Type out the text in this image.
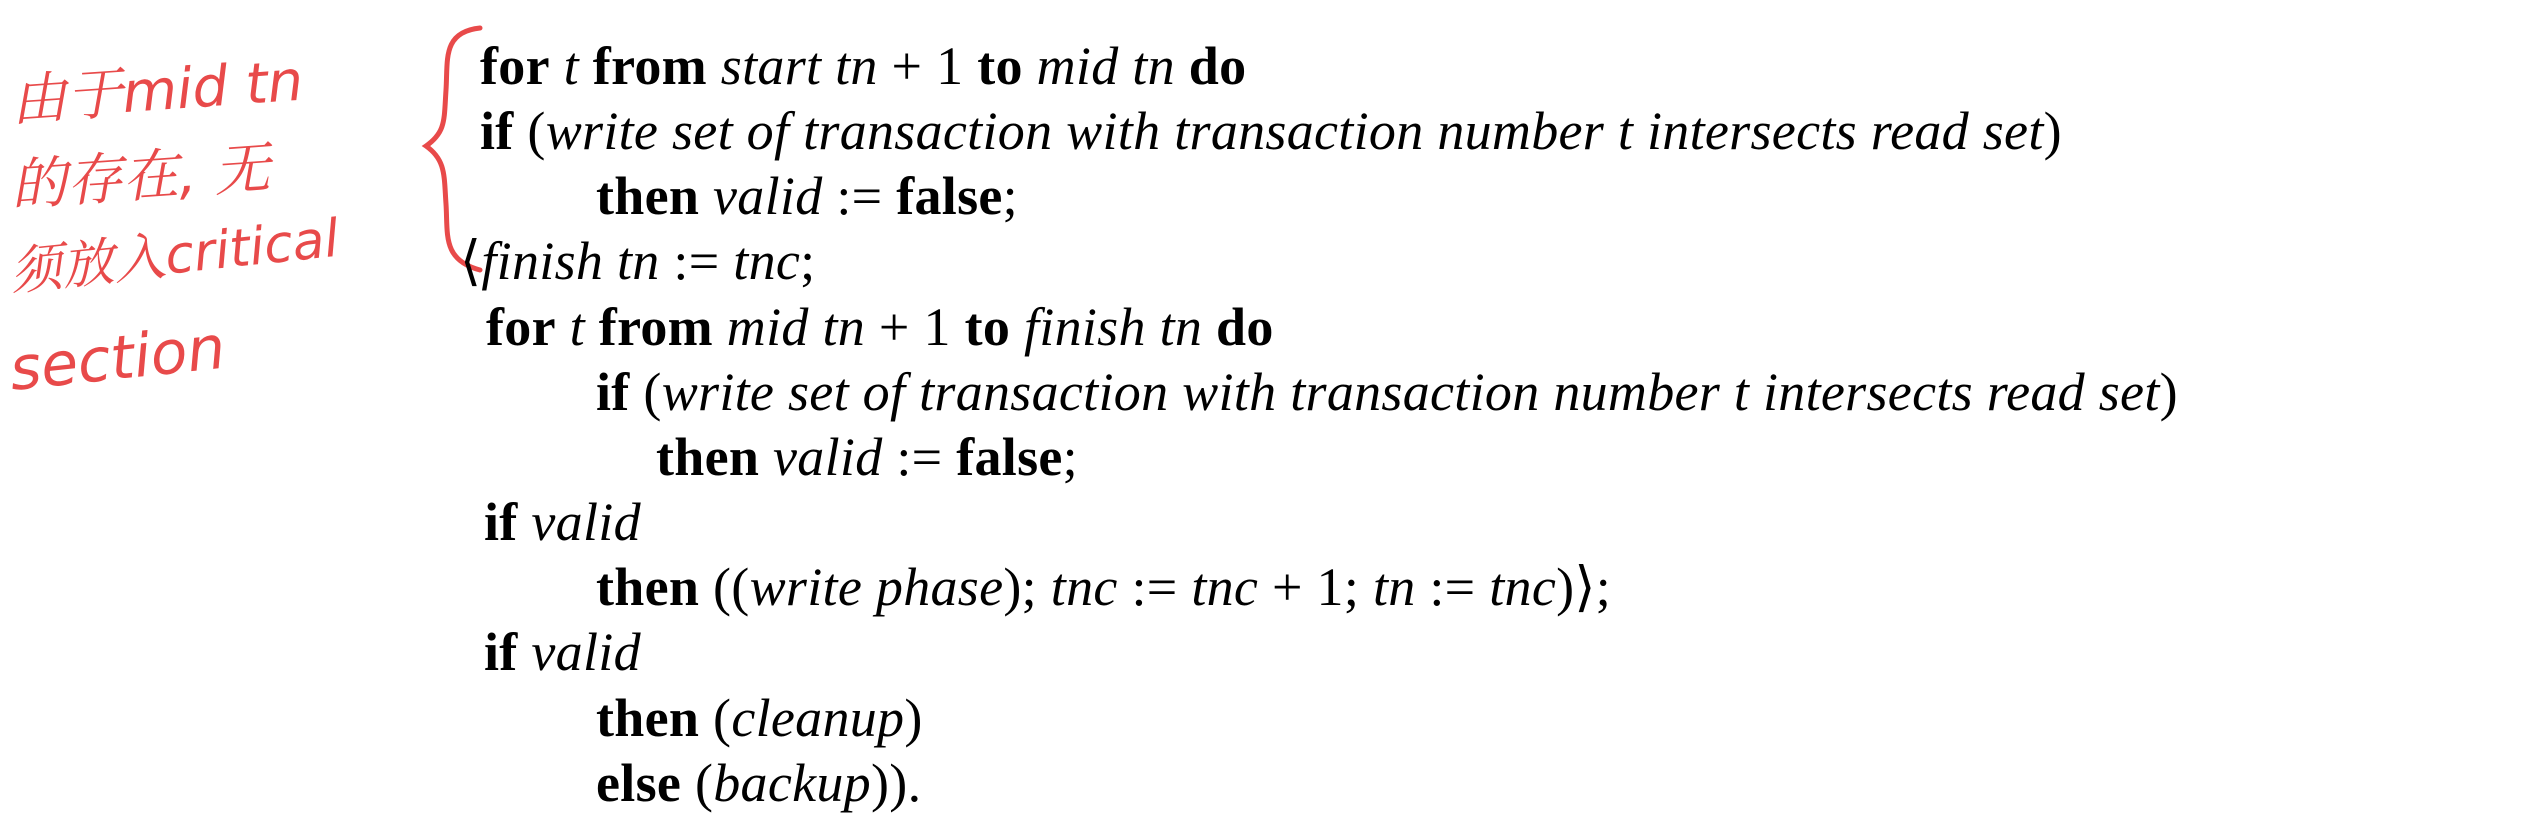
由于mid tn
的存在, 无
须放入critical
section
for t from start tn + 1 to mid tn do
if (write set of transaction with transaction number t intersects read set)
then valid := false;
⟨finish tn := tnc;
for t from mid tn + 1 to finish tn do
if (write set of transaction with transaction number t intersects read set)
then valid := false;
if valid
then ((write phase); tnc := tnc + 1; tn := tnc)⟩;
if valid
then (cleanup)
else (backup)).
